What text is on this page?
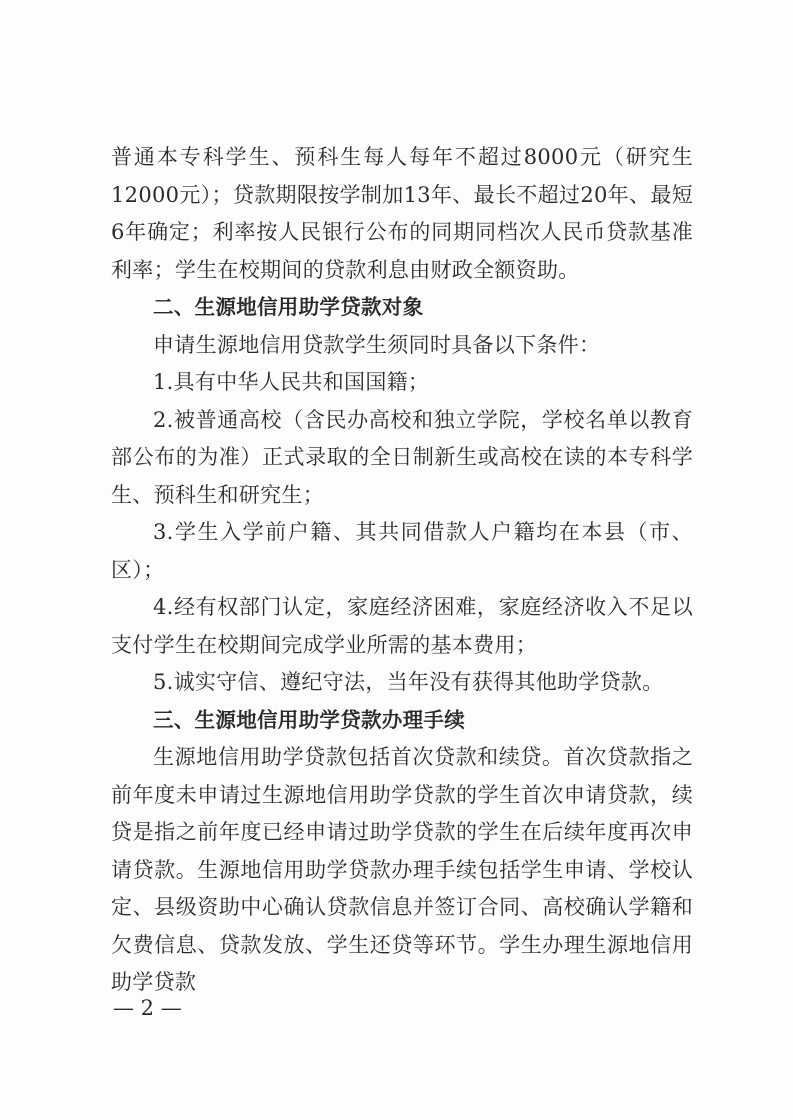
普通本专科学生、预科生每人每年不超过8000元（研究生12000元）；贷款期限按学制加13年、最长不超过20年、最短6年确定；利率按人民银行公布的同期同档次人民币贷款基准利率；学生在校期间的贷款利息由财政全额资助。

二、生源地信用助学贷款对象

申请生源地信用贷款学生须同时具备以下条件：

1.具有中华人民共和国国籍；

2.被普通高校（含民办高校和独立学院，学校名单以教育部公布的为准）正式录取的全日制新生或高校在读的本专科学生、预科生和研究生；

3.学生入学前户籍、其共同借款人户籍均在本县（市、区）；

4.经有权部门认定，家庭经济困难，家庭经济收入不足以支付学生在校期间完成学业所需的基本费用；

5.诚实守信、遵纪守法，当年没有获得其他助学贷款。

三、生源地信用助学贷款办理手续

生源地信用助学贷款包括首次贷款和续贷。首次贷款指之前年度未申请过生源地信用助学贷款的学生首次申请贷款，续贷是指之前年度已经申请过助学贷款的学生在后续年度再次申请贷款。生源地信用助学贷款办理手续包括学生申请、学校认定、县级资助中心确认贷款信息并签订合同、高校确认学籍和欠费信息、贷款发放、学生还贷等环节。学生办理生源地信用助学贷款

— 2 —
